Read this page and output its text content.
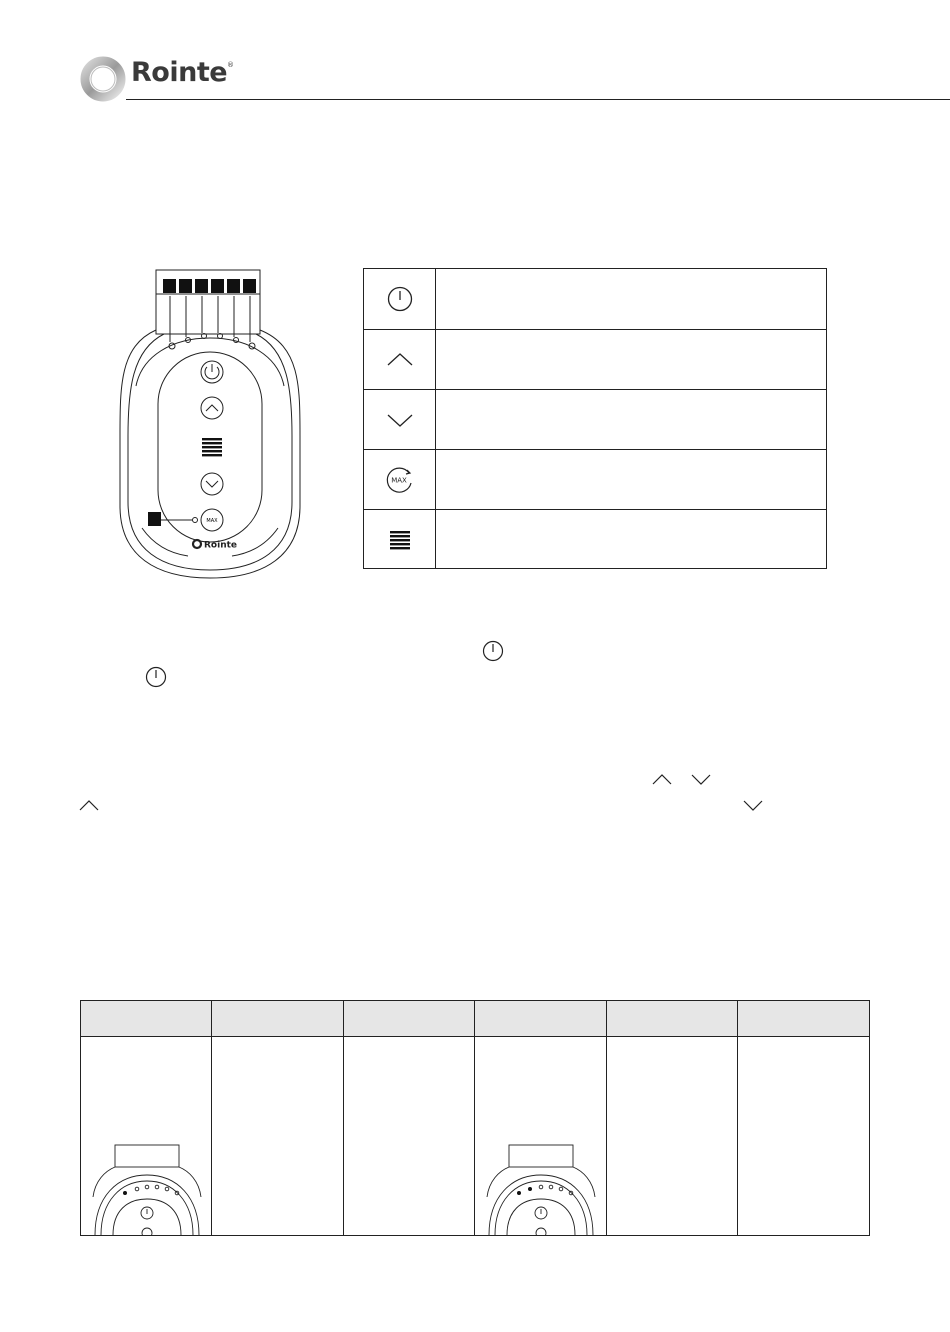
Rointe®
MAX
Rointe
MAX
